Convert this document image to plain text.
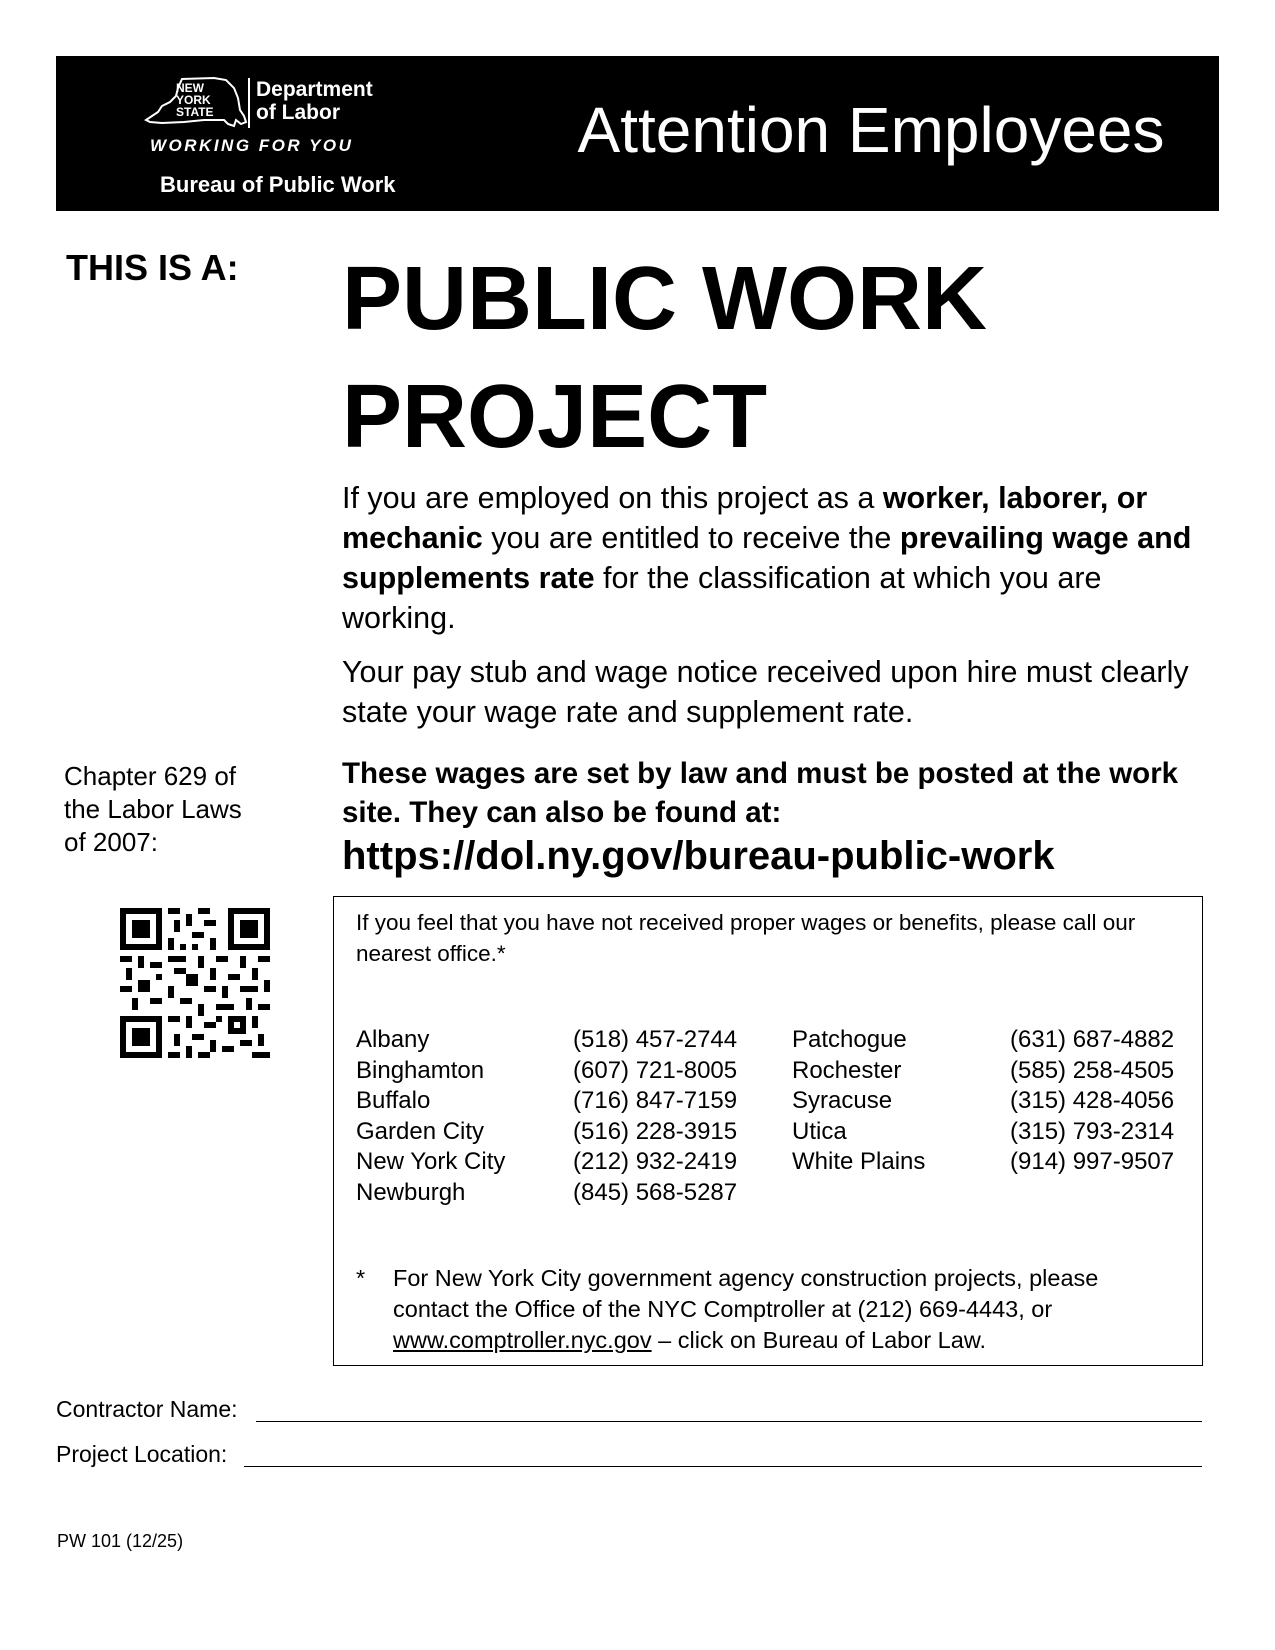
NEW
YORK
STATE
Department
of Labor
WORKING FOR YOU
Bureau of Public Work
Attention Employees
THIS IS A:
Chapter 629 of
the Labor Laws
of 2007:
PUBLIC WORK
PROJECT
If you are employed on this project as a worker, laborer, or mechanic you are entitled to receive the prevailing wage and supplements rate for the classification at which you are working.
Your pay stub and wage notice received upon hire must clearly state your wage rate and supplement rate.
These wages are set by law and must be posted at the work site. They can also be found at:
https://dol.ny.gov/bureau-public-work
If you feel that you have not received proper wages or benefits, please call our nearest office.*
Albany
Binghamton
Buffalo
Garden City
New York City
Newburgh
(518) 457-2744
(607) 721-8005
(716) 847-7159
(516) 228-3915
(212) 932-2419
(845) 568-5287
Patchogue
Rochester
Syracuse
Utica
White Plains
(631) 687-4882
(585) 258-4505
(315) 428-4056
(315) 793-2314
(914) 997-9507
* For New York City government agency construction projects, please contact the Office of the NYC Comptroller at (212) 669-4443, or www.comptroller.nyc.gov – click on Bureau of Labor Law.
Contractor Name:
Project Location:
PW 101 (12/25)
